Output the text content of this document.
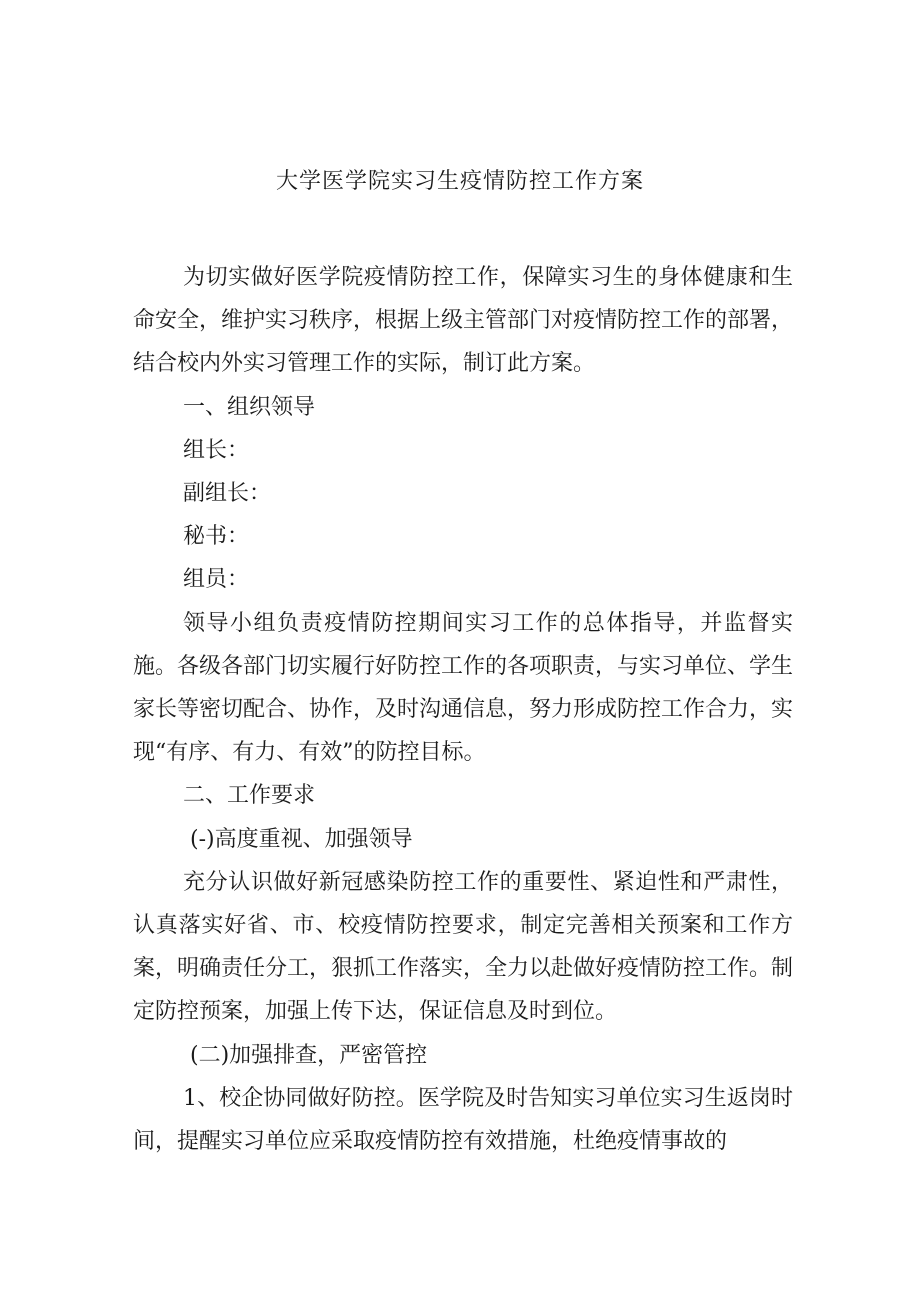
大学医学院实习生疫情防控工作方案

为切实做好医学院疫情防控工作，保障实习生的身体健康和生命安全，维护实习秩序，根据上级主管部门对疫情防控工作的部署，结合校内外实习管理工作的实际，制订此方案。

一、组织领导
组长：
副组长：
秘书：
组员：

领导小组负责疫情防控期间实习工作的总体指导，并监督实施。各级各部门切实履行好防控工作的各项职责，与实习单位、学生家长等密切配合、协作，及时沟通信息，努力形成防控工作合力，实现“有序、有力、有效”的防控目标。

二、工作要求
(-)高度重视、加强领导

充分认识做好新冠感染防控工作的重要性、紧迫性和严肃性，认真落实好省、市、校疫情防控要求，制定完善相关预案和工作方案，明确责任分工，狠抓工作落实，全力以赴做好疫情防控工作。制定防控预案，加强上传下达，保证信息及时到位。

(二)加强排查，严密管控

1、校企协同做好防控。医学院及时告知实习单位实习生返岗时间，提醒实习单位应采取疫情防控有效措施，杜绝疫情事故的
